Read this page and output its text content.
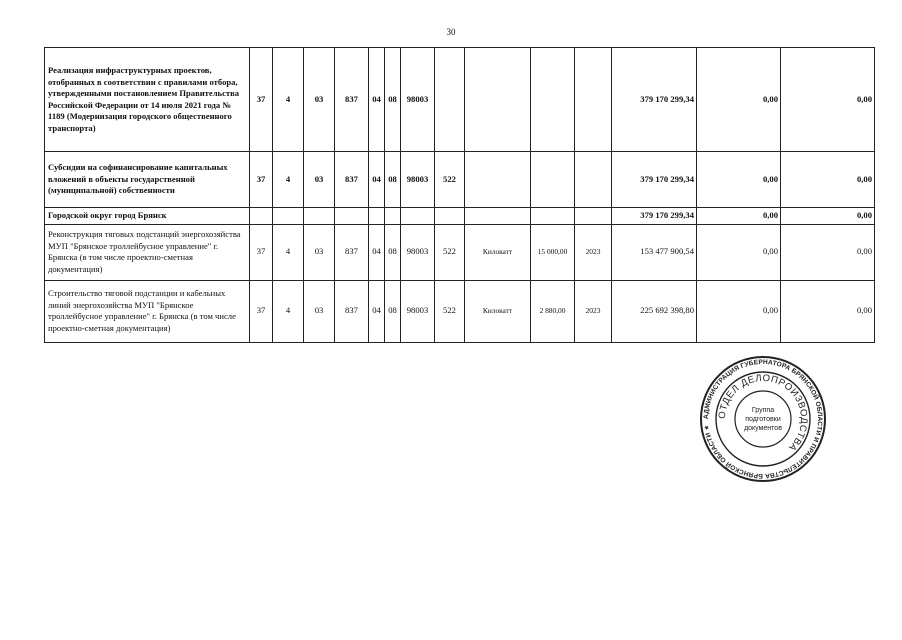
30
Реализация инфраструктурных проектов, отобранных в соответствии с правилами отбора, утвержденными постановлением Правительства Российской Федерации от 14 июля 2021 года № 1189 (Модернизация городского общественного транспорта)	37	4	03	837	04	08	98003					379 170 299,34	0,00	0,00
Субсидии на софинансирование капитальных вложений в объекты государственной (муниципальной) собственности	37	4	03	837	04	08	98003	522				379 170 299,34	0,00	0,00
Городской округ город Брянск												379 170 299,34	0,00	0,00
Реконструкция тяговых подстанций энергохозяйства МУП "Брянское троллейбусное управление" г. Брянска (в том числе проектно-сметная документация)	37	4	03	837	04	08	98003	522	Киловатт	15 000,00	2023	153 477 900,54	0,00	0,00
Строительство тяговой подстанции и кабельных линий энергохозяйства МУП "Брянское троллейбусное управление" г. Брянска (в том числе проектно-сметная документация)	37	4	03	837	04	08	98003	522	Киловатт	2 880,00	2023	225 692 398,80	0,00	0,00
АДМИНИСТРАЦИЯ ГУБЕРНАТОРА БРЯНСКОЙ ОБЛАСТИ И ПРАВИТЕЛЬСТВА БРЯНСКОЙ ОБЛАСТИ ★
ОТДЕЛ ДЕЛОПРОИЗВОДСТВА
Группа
подготовки
документов
